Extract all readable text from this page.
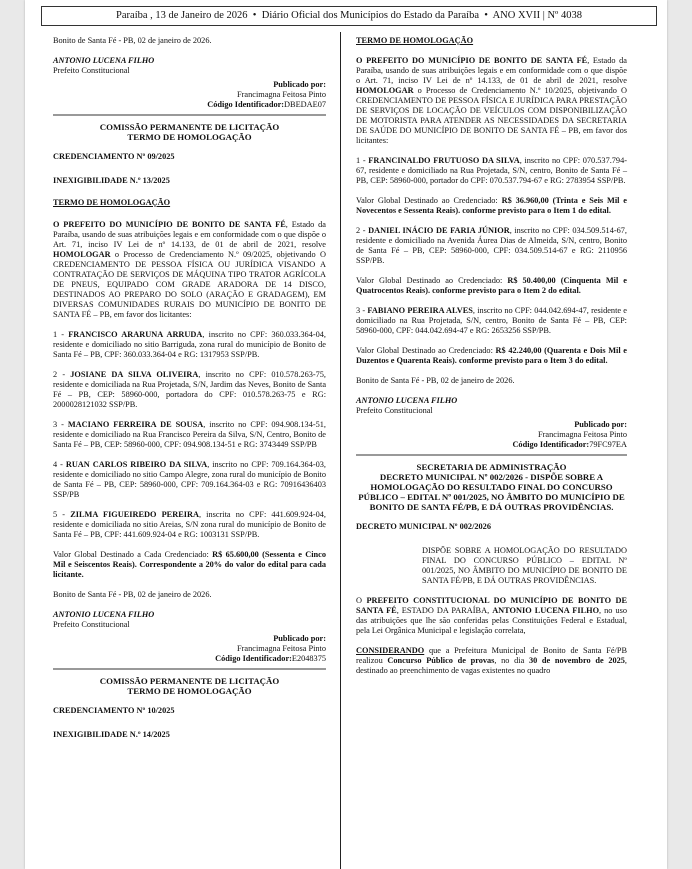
Paraíba , 13 de Janeiro de 2026  •  Diário Oficial dos Municípios do Estado da Paraíba  •  ANO XVII | Nº 4038

Bonito de Santa Fé - PB, 02 de janeiro de 2026.

ANTONIO LUCENA FILHO

Prefeito Constitucional

Publicado por:

Francimagna Feitosa Pinto

Código Identificador:DBEDAE07

COMISSÃO PERMANENTE DE LICITAÇÃO

TERMO DE HOMOLOGAÇÃO

CREDENCIAMENTO Nº 09/2025

INEXIGIBILIDADE N.º 13/2025

TERMO DE HOMOLOGAÇÃO

O PREFEITO DO MUNICÍPIO DE BONITO DE SANTA FÉ, Estado da Paraíba, usando de suas atribuições legais e em conformidade com o que dispõe o Art. 71, inciso IV Lei de nº 14.133, de 01 de abril de 2021, resolve HOMOLOGAR o Processo de Credenciamento N.º 09/2025, objetivando O CREDENCIAMENTO DE PESSOA FÍSICA OU JURÍDICA VISANDO A CONTRATAÇÃO DE SERVIÇOS DE MÁQUINA TIPO TRATOR AGRÍCOLA DE PNEUS, EQUIPADO COM GRADE ARADORA DE 14 DISCO, DESTINADOS AO PREPARO DO SOLO (ARAÇÃO E GRADAGEM), EM DIVERSAS COMUNIDADES RURAIS DO MUNICÍPIO DE BONITO DE SANTA FÉ – PB, em favor dos licitantes:

1 - FRANCISCO ARARUNA ARRUDA, inscrito no CPF: 360.033.364-04, residente e domiciliado no sitio Barriguda, zona rural do município de Bonito de Santa Fé – PB, CPF: 360.033.364-04 e RG: 1317953 SSP/PB.

2 - JOSIANE DA SILVA OLIVEIRA, inscrito no CPF: 010.578.263-75, residente e domiciliada na Rua Projetada, S/N, Jardim das Neves, Bonito de Santa Fé – PB, CEP: 58960-000, portadora do CPF: 010.578.263-75 e RG: 2000028121032 SSP/PB.

3 - MACIANO FERREIRA DE SOUSA, inscrito no CPF: 094.908.134-51, residente e domiciliado na Rua Francisco Pereira da Silva, S/N, Centro, Bonito de Santa Fé – PB, CEP: 58960-000, CPF: 094.908.134-51 e RG: 3743449 SSP/PB

4 - RUAN CARLOS RIBEIRO DA SILVA, inscrito no CPF: 709.164.364-03, residente e domiciliado no sitio Campo Alegre, zona rural do município de Bonito de Santa Fé – PB, CEP: 58960-000, CPF: 709.164.364-03 e RG: 70916436403 SSP/PB

5 - ZILMA FIGUEIREDO PEREIRA, inscrita no CPF: 441.609.924-04, residente e domiciliada no sitio Areias, S/N zona rural do município de Bonito de Santa Fé – PB, CPF: 441.609.924-04 e RG: 1003131 SSP/PB.

Valor Global Destinado a Cada Credenciado: R$ 65.600,00 (Sessenta e Cinco Mil e Seiscentos Reais). Correspondente a 20% do valor do edital para cada licitante.

Bonito de Santa Fé - PB, 02 de janeiro de 2026.

ANTONIO LUCENA FILHO

Prefeito Constitucional

Publicado por:

Francimagna Feitosa Pinto

Código Identificador:E2048375

COMISSÃO PERMANENTE DE LICITAÇÃO

TERMO DE HOMOLOGAÇÃO

CREDENCIAMENTO Nº 10/2025

INEXIGIBILIDADE N.º 14/2025

TERMO DE HOMOLOGAÇÃO

O PREFEITO DO MUNICÍPIO DE BONITO DE SANTA FÉ, Estado da Paraíba, usando de suas atribuições legais e em conformidade com o que dispõe o Art. 71, inciso IV Lei de nº 14.133, de 01 de abril de 2021, resolve HOMOLOGAR o Processo de Credenciamento N.º 10/2025, objetivando O CREDENCIAMENTO DE PESSOA FÍSICA E JURÍDICA PARA PRESTAÇÃO DE SERVIÇOS DE LOCAÇÃO DE VEÍCULOS COM DISPONIBILIZAÇÃO DE MOTORISTA PARA ATENDER AS NECESSIDADES DA SECRETARIA DE SAÚDE DO MUNICÍPIO DE BONITO DE SANTA FÉ – PB, em favor dos licitantes:

1 - FRANCINALDO FRUTUOSO DA SILVA, inscrito no CPF: 070.537.794-67, residente e domiciliado na Rua Projetada, S/N, centro, Bonito de Santa Fé – PB, CEP: 58960-000, portador do CPF: 070.537.794-67 e RG: 2783954 SSP/PB.

Valor Global Destinado ao Credenciado: R$ 36.960,00 (Trinta e Seis Mil e Novecentos e Sessenta Reais). conforme previsto para o Item 1 do edital.

2 - DANIEL INÁCIO DE FARIA JÚNIOR, inscrito no CPF: 034.509.514-67, residente e domiciliado na Avenida Áurea Dias de Almeida, S/N, centro, Bonito de Santa Fé – PB, CEP: 58960-000, CPF: 034.509.514-67 e RG: 2110956 SSP/PB.

Valor Global Destinado ao Credenciado: R$ 50.400,00 (Cinquenta Mil e Quatrocentos Reais). conforme previsto para o Item 2 do edital.

3 - FABIANO PEREIRA ALVES, inscrito no CPF: 044.042.694-47, residente e domiciliado na Rua Projetada, S/N, centro, Bonito de Santa Fé – PB, CEP: 58960-000, CPF: 044.042.694-47 e RG: 2653256 SSP/PB.

Valor Global Destinado ao Credenciado: R$ 42.240,00 (Quarenta e Dois Mil e Duzentos e Quarenta Reais). conforme previsto para o Item 3 do edital.

Bonito de Santa Fé - PB, 02 de janeiro de 2026.

ANTONIO LUCENA FILHO

Prefeito Constitucional

Publicado por:

Francimagna Feitosa Pinto

Código Identificador:79FC97EA

SECRETARIA DE ADMINISTRAÇÃO

DECRETO MUNICIPAL Nº 002/2026 - DISPÕE SOBRE A HOMOLOGAÇÃO DO RESULTADO FINAL DO CONCURSO PÚBLICO – EDITAL Nº 001/2025, NO ÂMBITO DO MUNICÍPIO DE BONITO DE SANTA FÉ/PB, E DÁ OUTRAS PROVIDÊNCIAS.

DECRETO MUNICIPAL Nº 002/2026

DISPÕE SOBRE A HOMOLOGAÇÃO DO RESULTADO FINAL DO CONCURSO PÚBLICO – EDITAL Nº 001/2025, NO ÂMBITO DO MUNICÍPIO DE BONITO DE SANTA FÉ/PB, E DÁ OUTRAS PROVIDÊNCIAS.

O PREFEITO CONSTITUCIONAL DO MUNICÍPIO DE BONITO DE SANTA FÉ, ESTADO DA PARAÍBA, ANTONIO LUCENA FILHO, no uso das atribuições que lhe são conferidas pelas Constituições Federal e Estadual, pela Lei Orgânica Municipal e legislação correlata,

CONSIDERANDO que a Prefeitura Municipal de Bonito de Santa Fé/PB realizou Concurso Público de provas, no dia 30 de novembro de 2025, destinado ao preenchimento de vagas existentes no quadro
